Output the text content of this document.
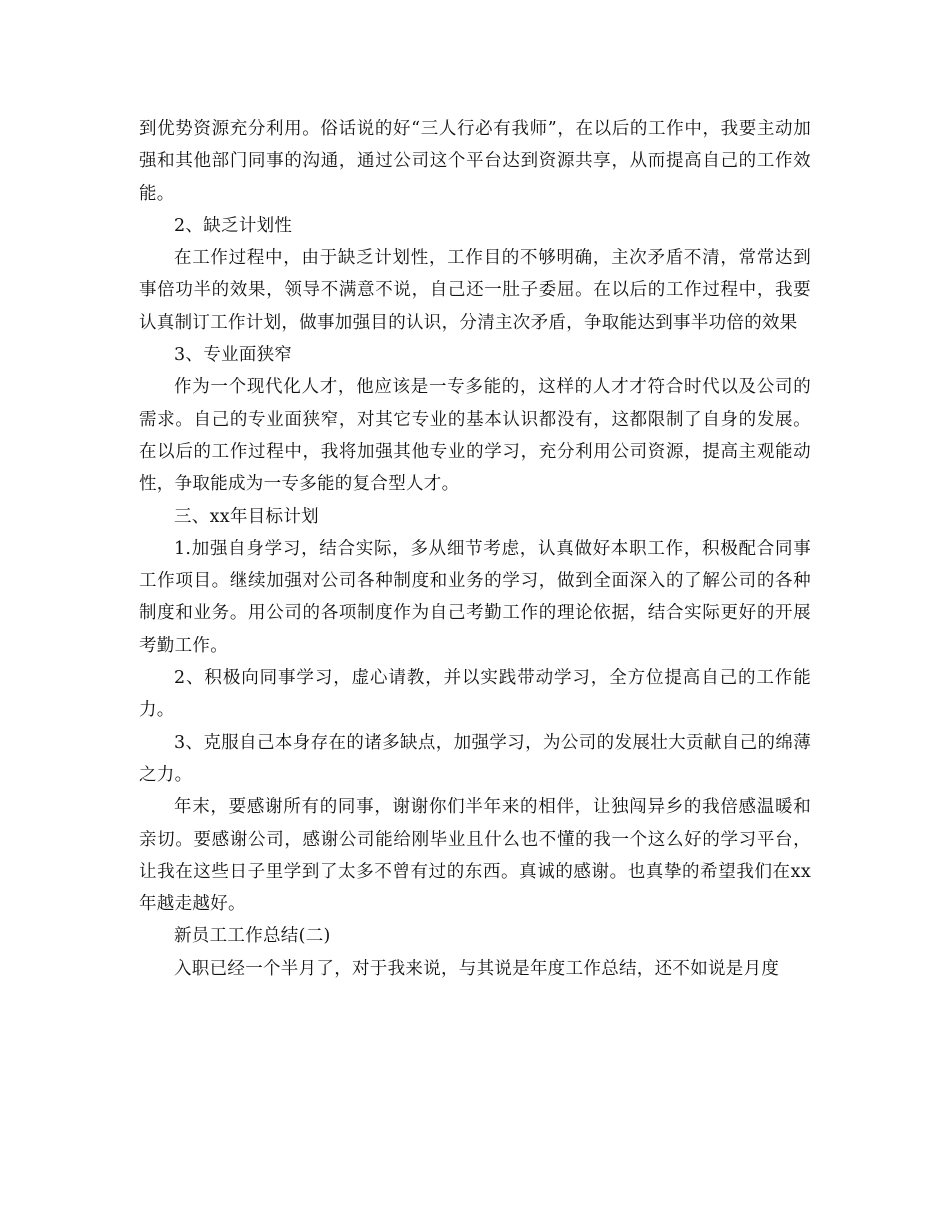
到优势资源充分利用。俗话说的好“三人行必有我师”，在以后的工作中，我要主动加强和其他部门同事的沟通，通过公司这个平台达到资源共享，从而提高自己的工作效能。

2、缺乏计划性

在工作过程中，由于缺乏计划性，工作目的不够明确，主次矛盾不清，常常达到事倍功半的效果，领导不满意不说，自己还一肚子委屈。在以后的工作过程中，我要认真制订工作计划，做事加强目的认识，分清主次矛盾，争取能达到事半功倍的效果

3、专业面狭窄

作为一个现代化人才，他应该是一专多能的，这样的人才才符合时代以及公司的需求。自己的专业面狭窄，对其它专业的基本认识都没有，这都限制了自身的发展。在以后的工作过程中，我将加强其他专业的学习，充分利用公司资源，提高主观能动性，争取能成为一专多能的复合型人才。

三、xx年目标计划

1.加强自身学习，结合实际，多从细节考虑，认真做好本职工作，积极配合同事工作项目。继续加强对公司各种制度和业务的学习，做到全面深入的了解公司的各种制度和业务。用公司的各项制度作为自己考勤工作的理论依据，结合实际更好的开展考勤工作。

2、积极向同事学习，虚心请教，并以实践带动学习，全方位提高自己的工作能力。

3、克服自己本身存在的诸多缺点，加强学习，为公司的发展壮大贡献自己的绵薄之力。

年末，要感谢所有的同事，谢谢你们半年来的相伴，让独闯异乡的我倍感温暖和亲切。要感谢公司，感谢公司能给刚毕业且什么也不懂的我一个这么好的学习平台，让我在这些日子里学到了太多不曾有过的东西。真诚的感谢。也真挚的希望我们在xx年越走越好。

新员工工作总结(二)

入职已经一个半月了，对于我来说，与其说是年度工作总结，还不如说是月度
